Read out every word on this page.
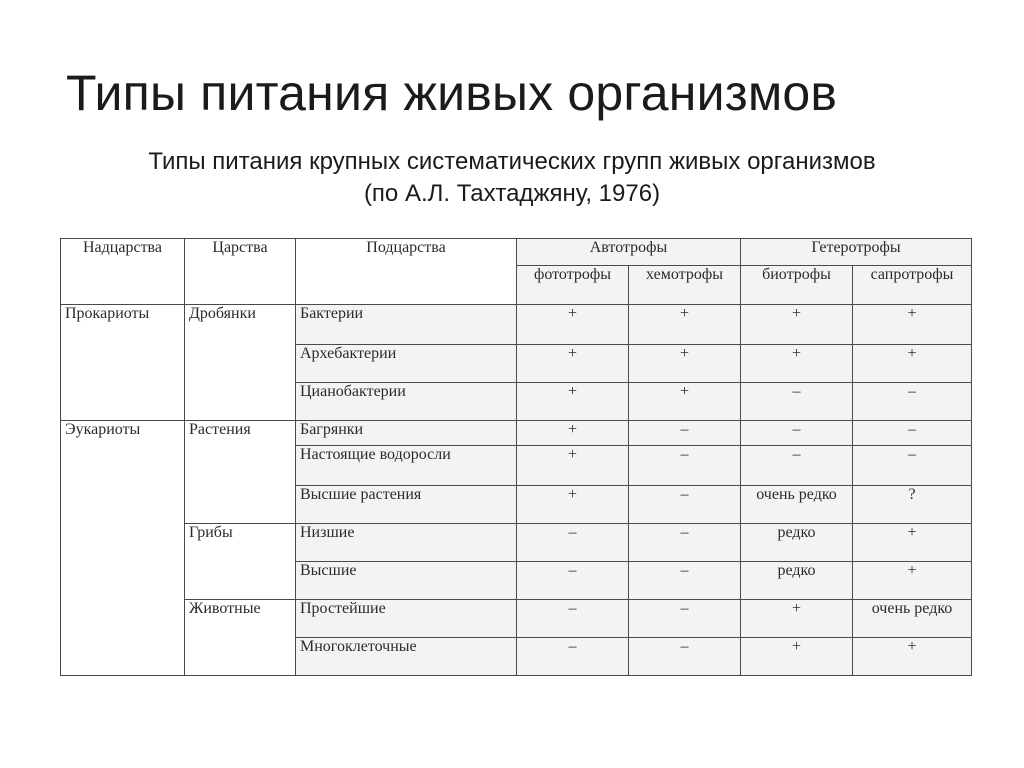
Типы питания живых организмов
Типы питания крупных систематических групп живых организмов
(по А.Л. Тахтаджяну, 1976)
Надцарства	Царства	Подцарства	Автотрофы		Гетеротрофы	
			фототрофы	хемотрофы	биотрофы	сапротрофы
Прокариоты	Дробянки	Бактерии	+	+	+	+
		Архебактерии	+	+	+	+
		Цианобактерии	+	+	–	–
Эукариоты	Растения	Багрянки	+	–	–	–
		Настоящие водоросли	+	–	–	–
		Высшие растения	+	–	очень редко	?
	Грибы	Низшие	–	–	редко	+
		Высшие	–	–	редко	+
	Животные	Простейшие	–	–	+	очень редко
		Многоклеточные	–	–	+	+
